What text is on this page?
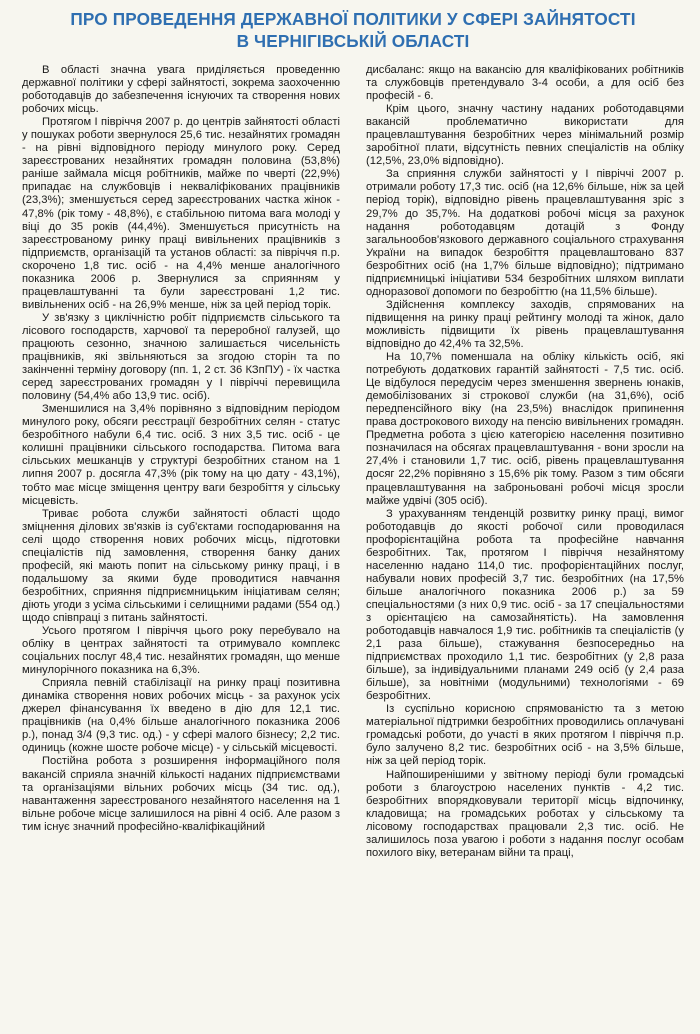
ПРО ПРОВЕДЕННЯ ДЕРЖАВНОЇ ПОЛІТИКИ У СФЕРІ ЗАЙНЯТОСТІ
В ЧЕРНІГІВСЬКІЙ ОБЛАСТІ

В області значна увага приділяється проведенню державної політики у сфері зайнятості, зокрема заохоченню роботодавців до забезпечення існуючих та створення нових робочих місць.

Протягом І півріччя 2007 р. до центрів зайнятості області у пошуках роботи звернулося 25,6 тис. незайнятих громадян - на рівні відповідного періоду минулого року. Серед зареєстрованих незайнятих громадян половина (53,8%) раніше займала місця робітників, майже по чверті (22,9%) припадає на службовців і некваліфікованих працівників (23,3%); зменшується серед зареєстрованих частка жінок - 47,8% (рік тому - 48,8%), є стабільною питома вага молоді у віці до 35 років (44,4%). Зменшується присутність на зареєстрованому ринку праці вивільнених працівників з підприємств, організацій та установ області: за півріччя п.р. скорочено 1,8 тис. осіб - на 4,4% менше аналогічного показника 2006 р. Звернулися за сприянням у працевлаштуванні та були зареєстровані 1,2 тис. вивільнених осіб - на 26,9% менше, ніж за цей період торік.

У зв'язку з циклічністю робіт підприємств сільського та лісового господарств, харчової та переробної галузей, що працюють сезонно, значною залишається чисельність працівників, які звільняються за згодою сторін та по закінченні терміну договору (пп. 1, 2 ст. 36 КЗпПУ) - їх частка серед зареєстрованих громадян у І півріччі перевищила половину (54,4% або 13,9 тис. осіб).

Зменшилися на 3,4% порівняно з відповідним періодом минулого року, обсяги реєстрації безробітних селян - статус безробітного набули 6,4 тис. осіб. З них 3,5 тис. осіб - це колишні працівники сільського господарства. Питома вага сільських мешканців у структурі безробітних станом на 1 липня 2007 р. досягла 47,3% (рік тому на цю дату - 43,1%), тобто має місце зміщення центру ваги безробіття у сільську місцевість.

Триває робота служби зайнятості області щодо зміцнення ділових зв'язків із суб'єктами господарювання на селі щодо створення нових робочих місць, підготовки спеціалістів під замовлення, створення банку даних професій, які мають попит на сільському ринку праці, і в подальшому за якими буде проводитися навчання безробітних, сприяння підприємницьким ініціативам селян; діють угоди з усіма сільськими і селищними радами (554 од.) щодо співпраці з питань зайнятості.

Усього протягом І півріччя цього року перебувало на обліку в центрах зайнятості та отримувало комплекс соціальних послуг 48,4 тис. незайнятих громадян, що менше минулорічного показника на 6,3%.

Сприяла певній стабілізації на ринку праці позитивна динаміка створення нових робочих місць - за рахунок усіх джерел фінансування їх введено в дію для 12,1 тис. працівників (на 0,4% більше аналогічного показника 2006 р.), понад 3/4 (9,3 тис. од.) - у сфері малого бізнесу; 2,2 тис. одиниць (кожне шосте робоче місце) - у сільській місцевості.

Постійна робота з розширення інформаційного поля вакансій сприяла значній кількості наданих підприємствами та організаціями вільних робочих місць (34 тис. од.), навантаження зареєстрованого незайнятого населення на 1 вільне робоче місце залишилося на рівні 4 осіб. Але разом з тим існує значний професійно-кваліфікаційний

дисбаланс: якщо на вакансію для кваліфікованих робітників та службовців претендувало 3-4 особи, а для осіб без професій - 6.

Крім цього, значну частину наданих роботодавцями вакансій проблематично використати для працевлаштування безробітних через мінімальний розмір заробітної плати, відсутність певних спеціалістів на обліку (12,5%, 23,0% відповідно).

За сприяння служби зайнятості у І півріччі 2007 р. отримали роботу 17,3 тис. осіб (на 12,6% більше, ніж за цей період торік), відповідно рівень працевлаштування зріс з 29,7% до 35,7%. На додаткові робочі місця за рахунок надання роботодавцям дотацій з Фонду загальнообов'язкового державного соціального страхування України на випадок безробіття працевлаштовано 837 безробітних осіб (на 1,7% більше відповідно); підтримано підприємницькі ініціативи 534 безробітних шляхом виплати одноразової допомоги по безробіттю (на 11,5% більше).

Здійснення комплексу заходів, спрямованих на підвищення на ринку праці рейтингу молоді та жінок, дало можливість підвищити їх рівень працевлаштування відповідно до 42,4% та 32,5%.

На 10,7% поменшала на обліку кількість осіб, які потребують додаткових гарантій зайнятості - 7,5 тис. осіб. Це відбулося передусім через зменшення звернень юнаків, демобілізованих зі строкової служби (на 31,6%), осіб передпенсійного віку (на 23,5%) внаслідок припинення права дострокового виходу на пенсію вивільнених громадян. Предметна робота з цією категорією населення позитивно позначилася на обсягах працевлаштування - вони зросли на 27,4% і становили 1,7 тис. осіб, рівень працевлаштування досяг 22,2% порівняно з 15,6% рік тому. Разом з тим обсяги працевлаштування на заброньовані робочі місця зросли майже удвічі (305 осіб).

З урахуванням тенденцій розвитку ринку праці, вимог роботодавців до якості робочої сили проводилася профорієнтаційна робота та професійне навчання безробітних. Так, протягом І півріччя незайнятому населенню надано 114,0 тис. профорієнтаційних послуг, набували нових професій 3,7 тис. безробітних (на 17,5% більше аналогічного показника 2006 р.) за 59 спеціальностями (з них 0,9 тис. осіб - за 17 спеціальностями з орієнтацією на самозайнятість). На замовлення роботодавців навчалося 1,9 тис. робітників та спеціалістів (у 2,1 раза більше), стажування безпосередньо на підприємствах проходило 1,1 тис. безробітних (у 2,8 раза більше), за індивідуальними планами 249 осіб (у 2,4 раза більше), за новітніми (модульними) технологіями - 69 безробітних.

Із суспільно корисною спрямованістю та з метою матеріальної підтримки безробітних проводились оплачувані громадські роботи, до участі в яких протягом І півріччя п.р. було залучено 8,2 тис. безробітних осіб - на 3,5% більше, ніж за цей період торік.

Найпоширенішими у звітному періоді були громадські роботи з благоустрою населених пунктів - 4,2 тис. безробітних впорядковували території місць відпочинку, кладовища; на громадських роботах у сільському та лісовому господарствах працювали 2,3 тис. осіб. Не залишилось поза увагою і роботи з надання послуг особам похилого віку, ветеранам війни та праці,
